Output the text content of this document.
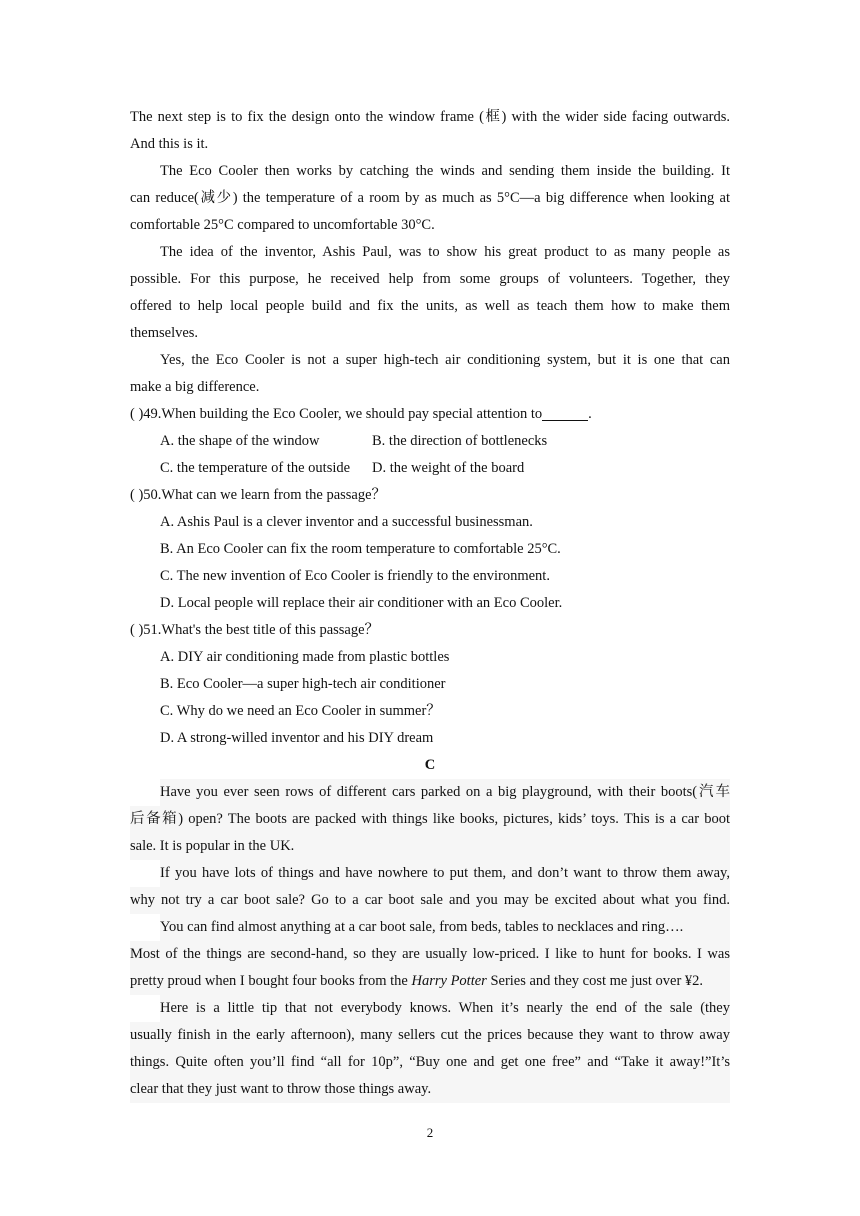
The next step is to fix the design onto the window frame (框) with the wider side facing outwards.
And this is it.
The Eco Cooler then works by catching the winds and sending them inside the building. It
can reduce(减少) the temperature of a room by as much as 5°C—a big difference when looking at
comfortable 25°C compared to uncomfortable 30°C.
The idea of the inventor, Ashis Paul, was to show his great product to as many people as
possible. For this purpose, he received help from some groups of volunteers. Together, they
offered to help local people build and fix the units, as well as teach them how to make them
themselves.
Yes, the Eco Cooler is not a super high-tech air conditioning system, but it is one that can
make a big difference.
( )49.When building the Eco Cooler, we should pay special attention to	.
A. the shape of the window	B. the direction of bottlenecks
C. the temperature of the outside D. the weight of the board
( )50.What can we learn from the passage？
A. Ashis Paul is a clever inventor and a successful businessman.
B. An Eco Cooler can fix the room temperature to comfortable 25°C.
C. The new invention of Eco Cooler is friendly to the environment.
D. Local people will replace their air conditioner with an Eco Cooler.
( )51.What's the best title of this passage？
A. DIY air conditioning made from plastic bottles
B. Eco Cooler—a super high-tech air conditioner
C. Why do we need an Eco Cooler in summer？
D. A strong-willed inventor and his DIY dream
C
Have you ever seen rows of different cars parked on a big playground, with their boots(汽车
后备箱) open? The boots are packed with things like books, pictures, kids’ toys. This is a car boot
sale. It is popular in the UK.
If you have lots of things and have nowhere to put them, and don’t want to throw them away,
why not try a car boot sale? Go to a car boot sale and you may be excited about what you find.
You can find almost anything at a car boot sale, from beds, tables to necklaces and ring….
Most of the things are second-hand, so they are usually low-priced. I like to hunt for books. I was
pretty proud when I bought four books from the Harry Potter Series and they cost me just over ¥2.
Here is a little tip that not everybody knows. When it’s nearly the end of the sale (they
usually finish in the early afternoon), many sellers cut the prices because they want to throw away
things. Quite often you’ll find “all for 10p”, “Buy one and get one free” and “Take it away!”It’s
clear that they just want to throw those things away.
2
